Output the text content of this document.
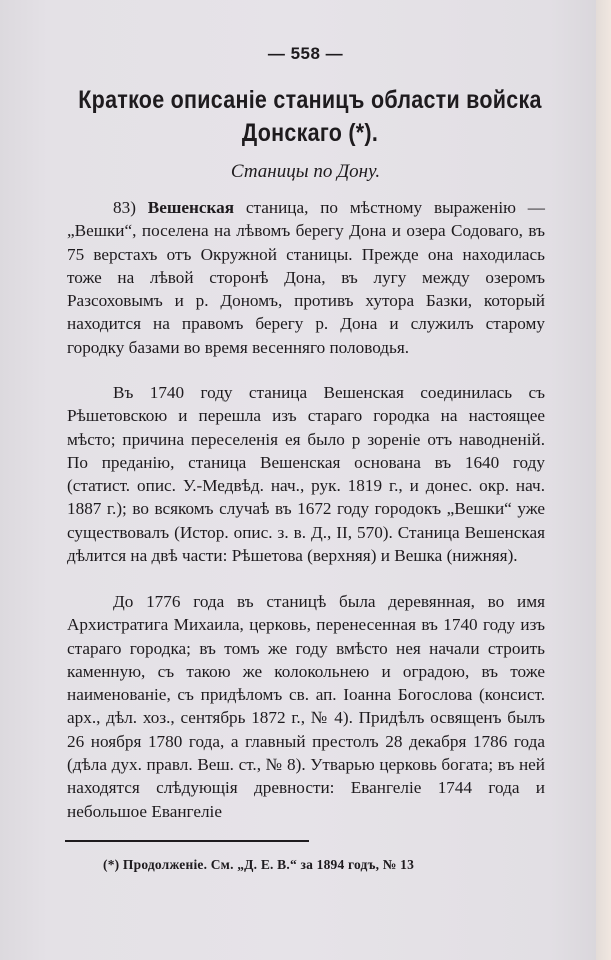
— 558 —
Краткое описаніе станицъ области войска
Донскаго (*).
Станицы по Дону.

83) Вешенская станица, по мѣстному выраженію — „Вешки“, поселена на лѣвомъ берегу Дона и озера Содоваго, въ 75 верстахъ отъ Окружной станицы. Прежде она находилась тоже на лѣвой сторонѣ Дона, въ лугу между озеромъ Разсоховымъ и р. Дономъ, противъ хутора Базки, который находится на правомъ берегу р. Дона и служилъ старому городку базами во время весенняго половодья.

Въ 1740 году станица Вешенская соединилась съ Рѣшетовскою и перешла изъ стараго городка на настоящее мѣсто; причина переселенія ея было р зореніе отъ наводненій. По преданію, станица Вешенская основана въ 1640 году (статист. опис. У.-Медвѣд. нач., рук. 1819 г., и донес. окр. нач. 1887 г.); во всякомъ случаѣ въ 1672 году городокъ „Вешки“ уже существовалъ (Истор. опис. з. в. Д., II, 570). Станица Вешенская дѣлится на двѣ части: Рѣшетова (верхняя) и Вешка (нижняя).

До 1776 года въ станицѣ была деревянная, во имя Архистратига Михаила, церковь, перенесенная въ 1740 году изъ стараго городка; въ томъ же году вмѣсто нея начали строить каменную, съ такою же колокольнею и оградою, въ тоже наименованіе, съ придѣломъ св. ап. Іоанна Богослова (консист. арх., дѣл. хоз., сентябрь 1872 г., № 4). Придѣлъ освященъ былъ 26 ноября 1780 года, а главный престолъ 28 декабря 1786 года (дѣла дух. правл. Веш. ст., № 8). Утварью церковь богата; въ ней находятся слѣдующія древности: Евангеліе 1744 года и небольшое Евангеліе

(*) Продолженіе. См. „Д. Е. В.“ за 1894 годъ, № 13
